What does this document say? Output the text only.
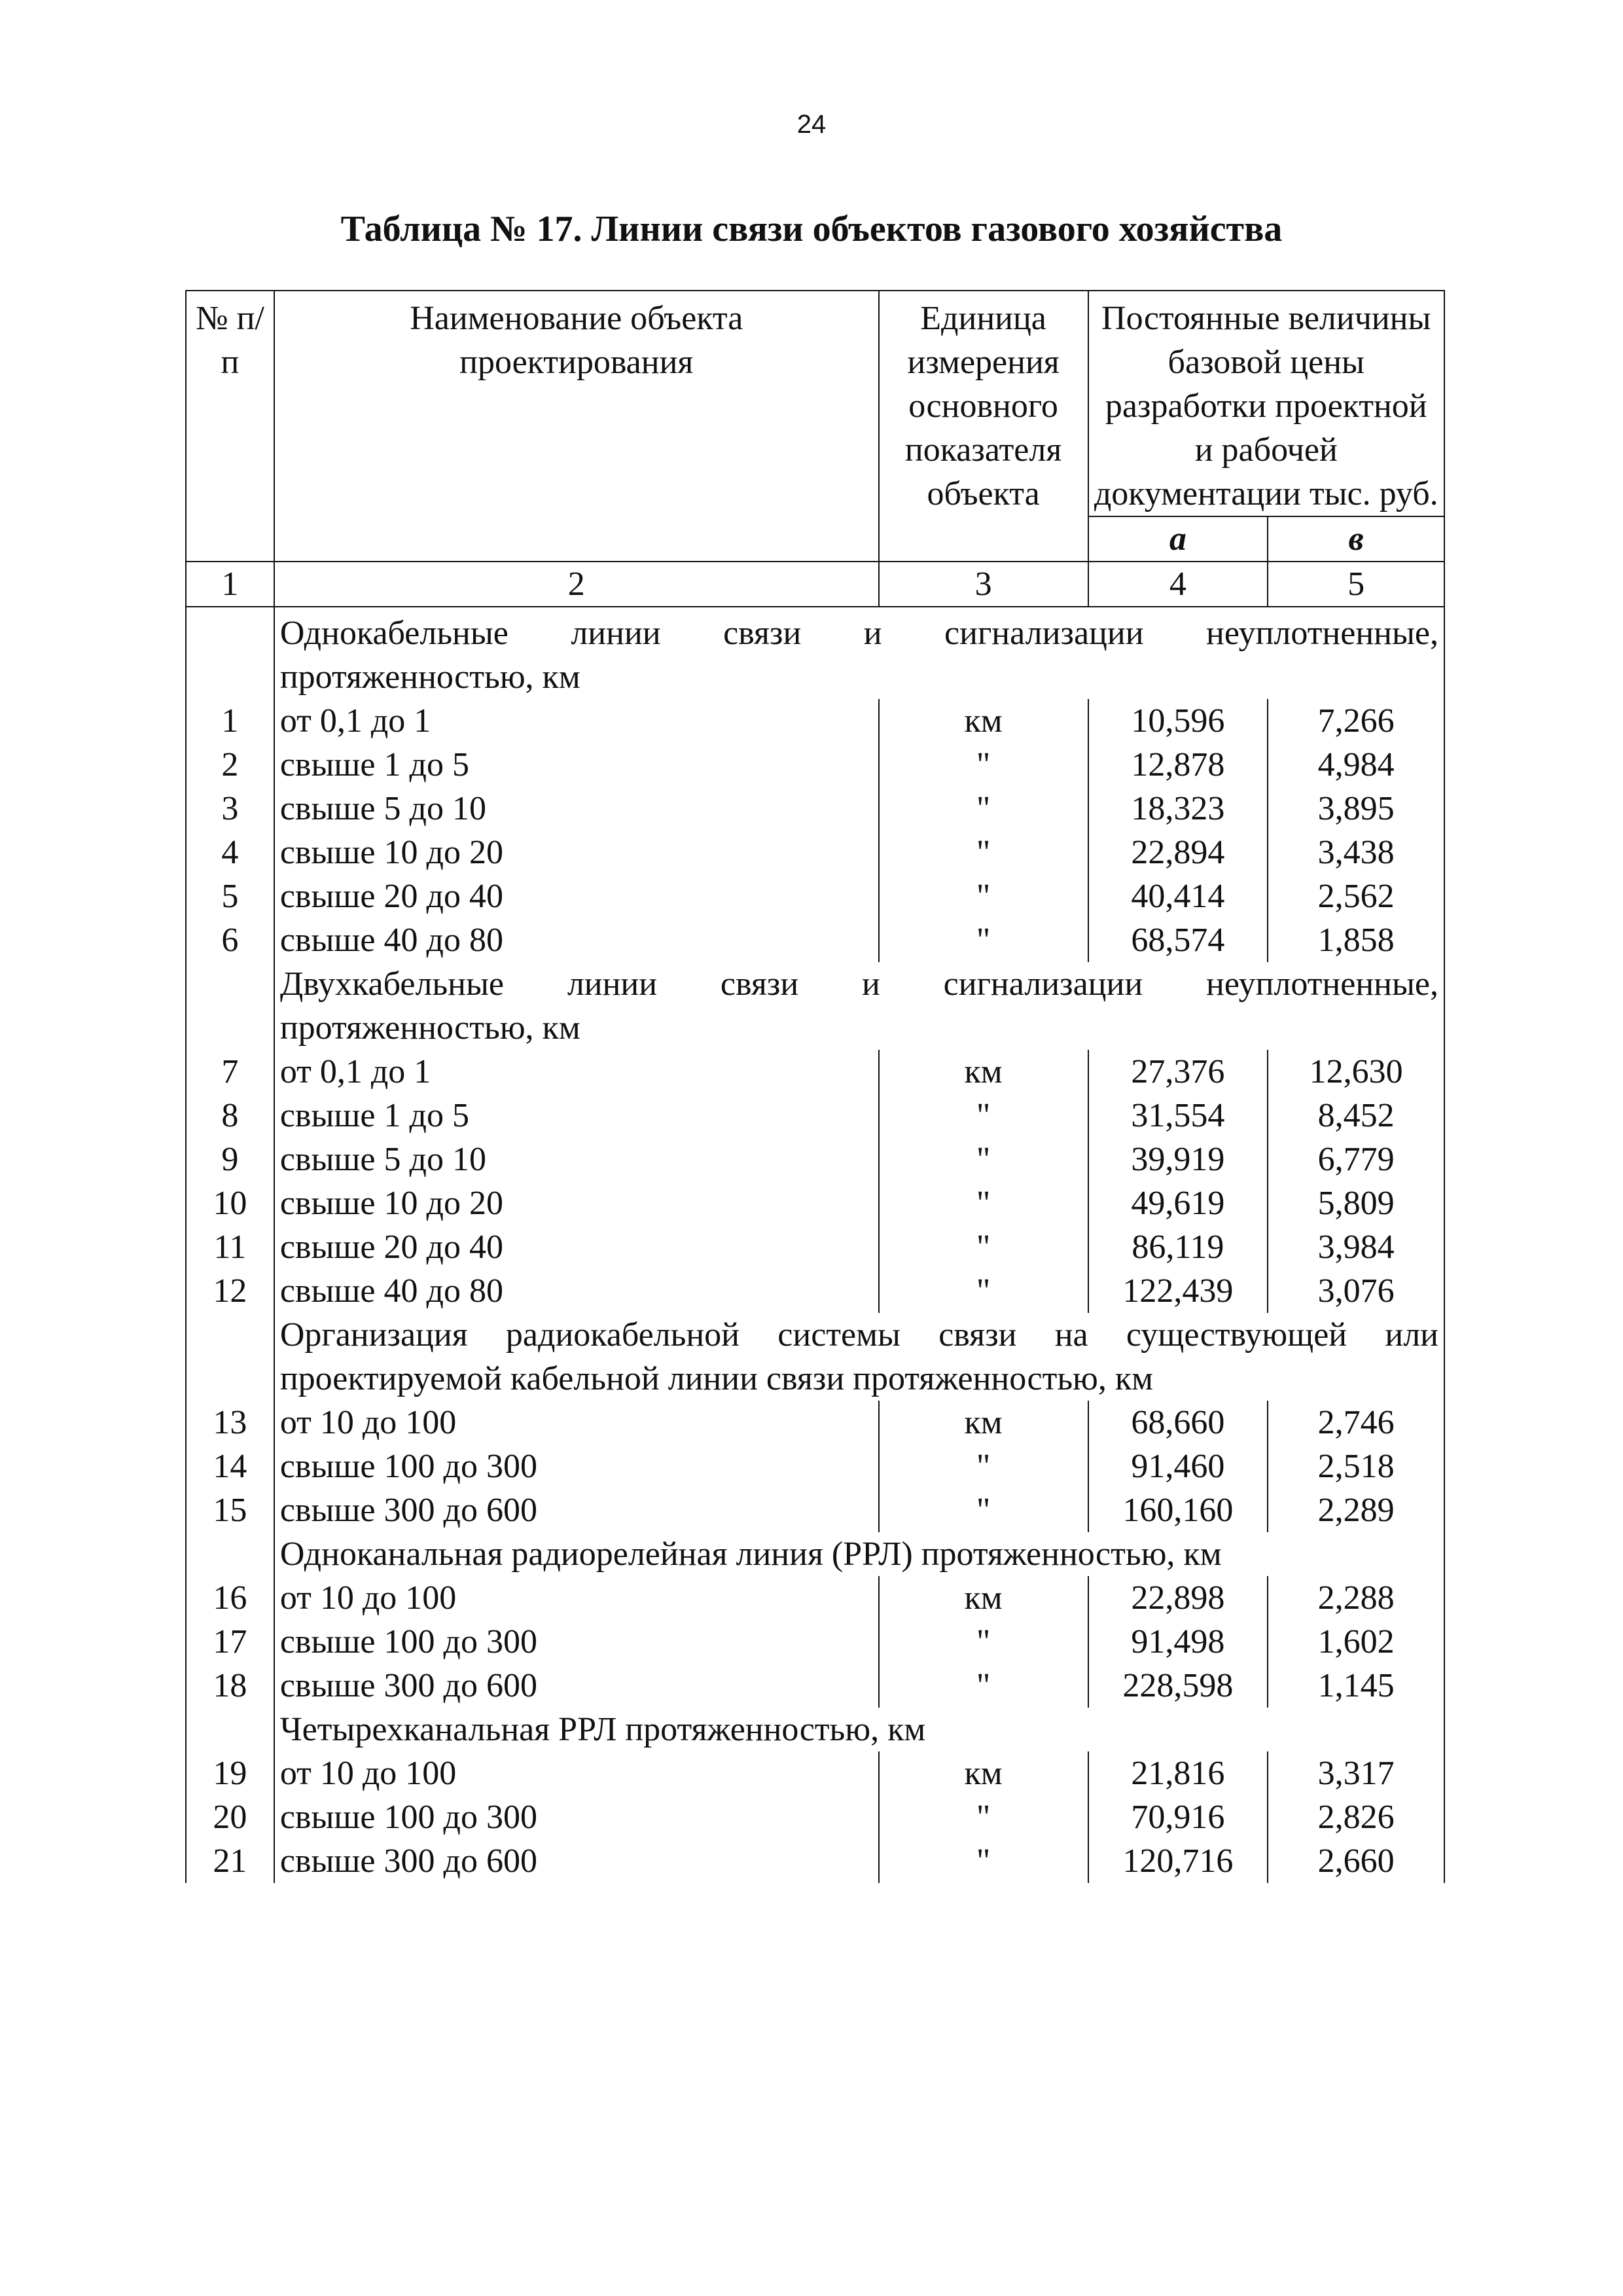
24
Таблица № 17. Линии связи объектов газового хозяйства
№ п/п	Наименование объекта проектирования	Единица измерения основного показателя объекта	Постоянные величины базовой цены разработки проектной и рабочей документации тыс. руб.	
			а	в
1	2	3	4	5

	Однокабельные линии связи и сигнализации неуплотненные,
протяженностью, км			

1	от 0,1 до 1	км	10,596	7,266
2	свыше 1 до 5	"	12,878	4,984
3	свыше 5 до 10	"	18,323	3,895
4	свыше 10 до 20	"	22,894	3,438
5	свыше 20 до 40	"	40,414	2,562
6	свыше 40 до 80	"	68,574	1,858

	Двухкабельные линии связи и сигнализации неуплотненные,
протяженностью, км			

7	от 0,1 до 1	км	27,376	12,630
8	свыше 1 до 5	"	31,554	8,452
9	свыше 5 до 10	"	39,919	6,779
10	свыше 10 до 20	"	49,619	5,809
11	свыше 20 до 40	"	86,119	3,984
12	свыше 40 до 80	"	122,439	3,076

	Организация радиокабельной системы связи на существующей или
проектируемой кабельной линии связи протяженностью, км			

13	от 10 до 100	км	68,660	2,746
14	свыше 100 до 300	"	91,460	2,518
15	свыше 300 до 600	"	160,160	2,289

	Одноканальная радиорелейная линия (РРЛ) протяженностью, км			

16	от 10 до 100	км	22,898	2,288
17	свыше 100 до 300	"	91,498	1,602
18	свыше 300 до 600	"	228,598	1,145

	Четырехканальная РРЛ протяженностью, км			

19	от 10 до 100	км	21,816	3,317
20	свыше 100 до 300	"	70,916	2,826
21	свыше 300 до 600	"	120,716	2,660
